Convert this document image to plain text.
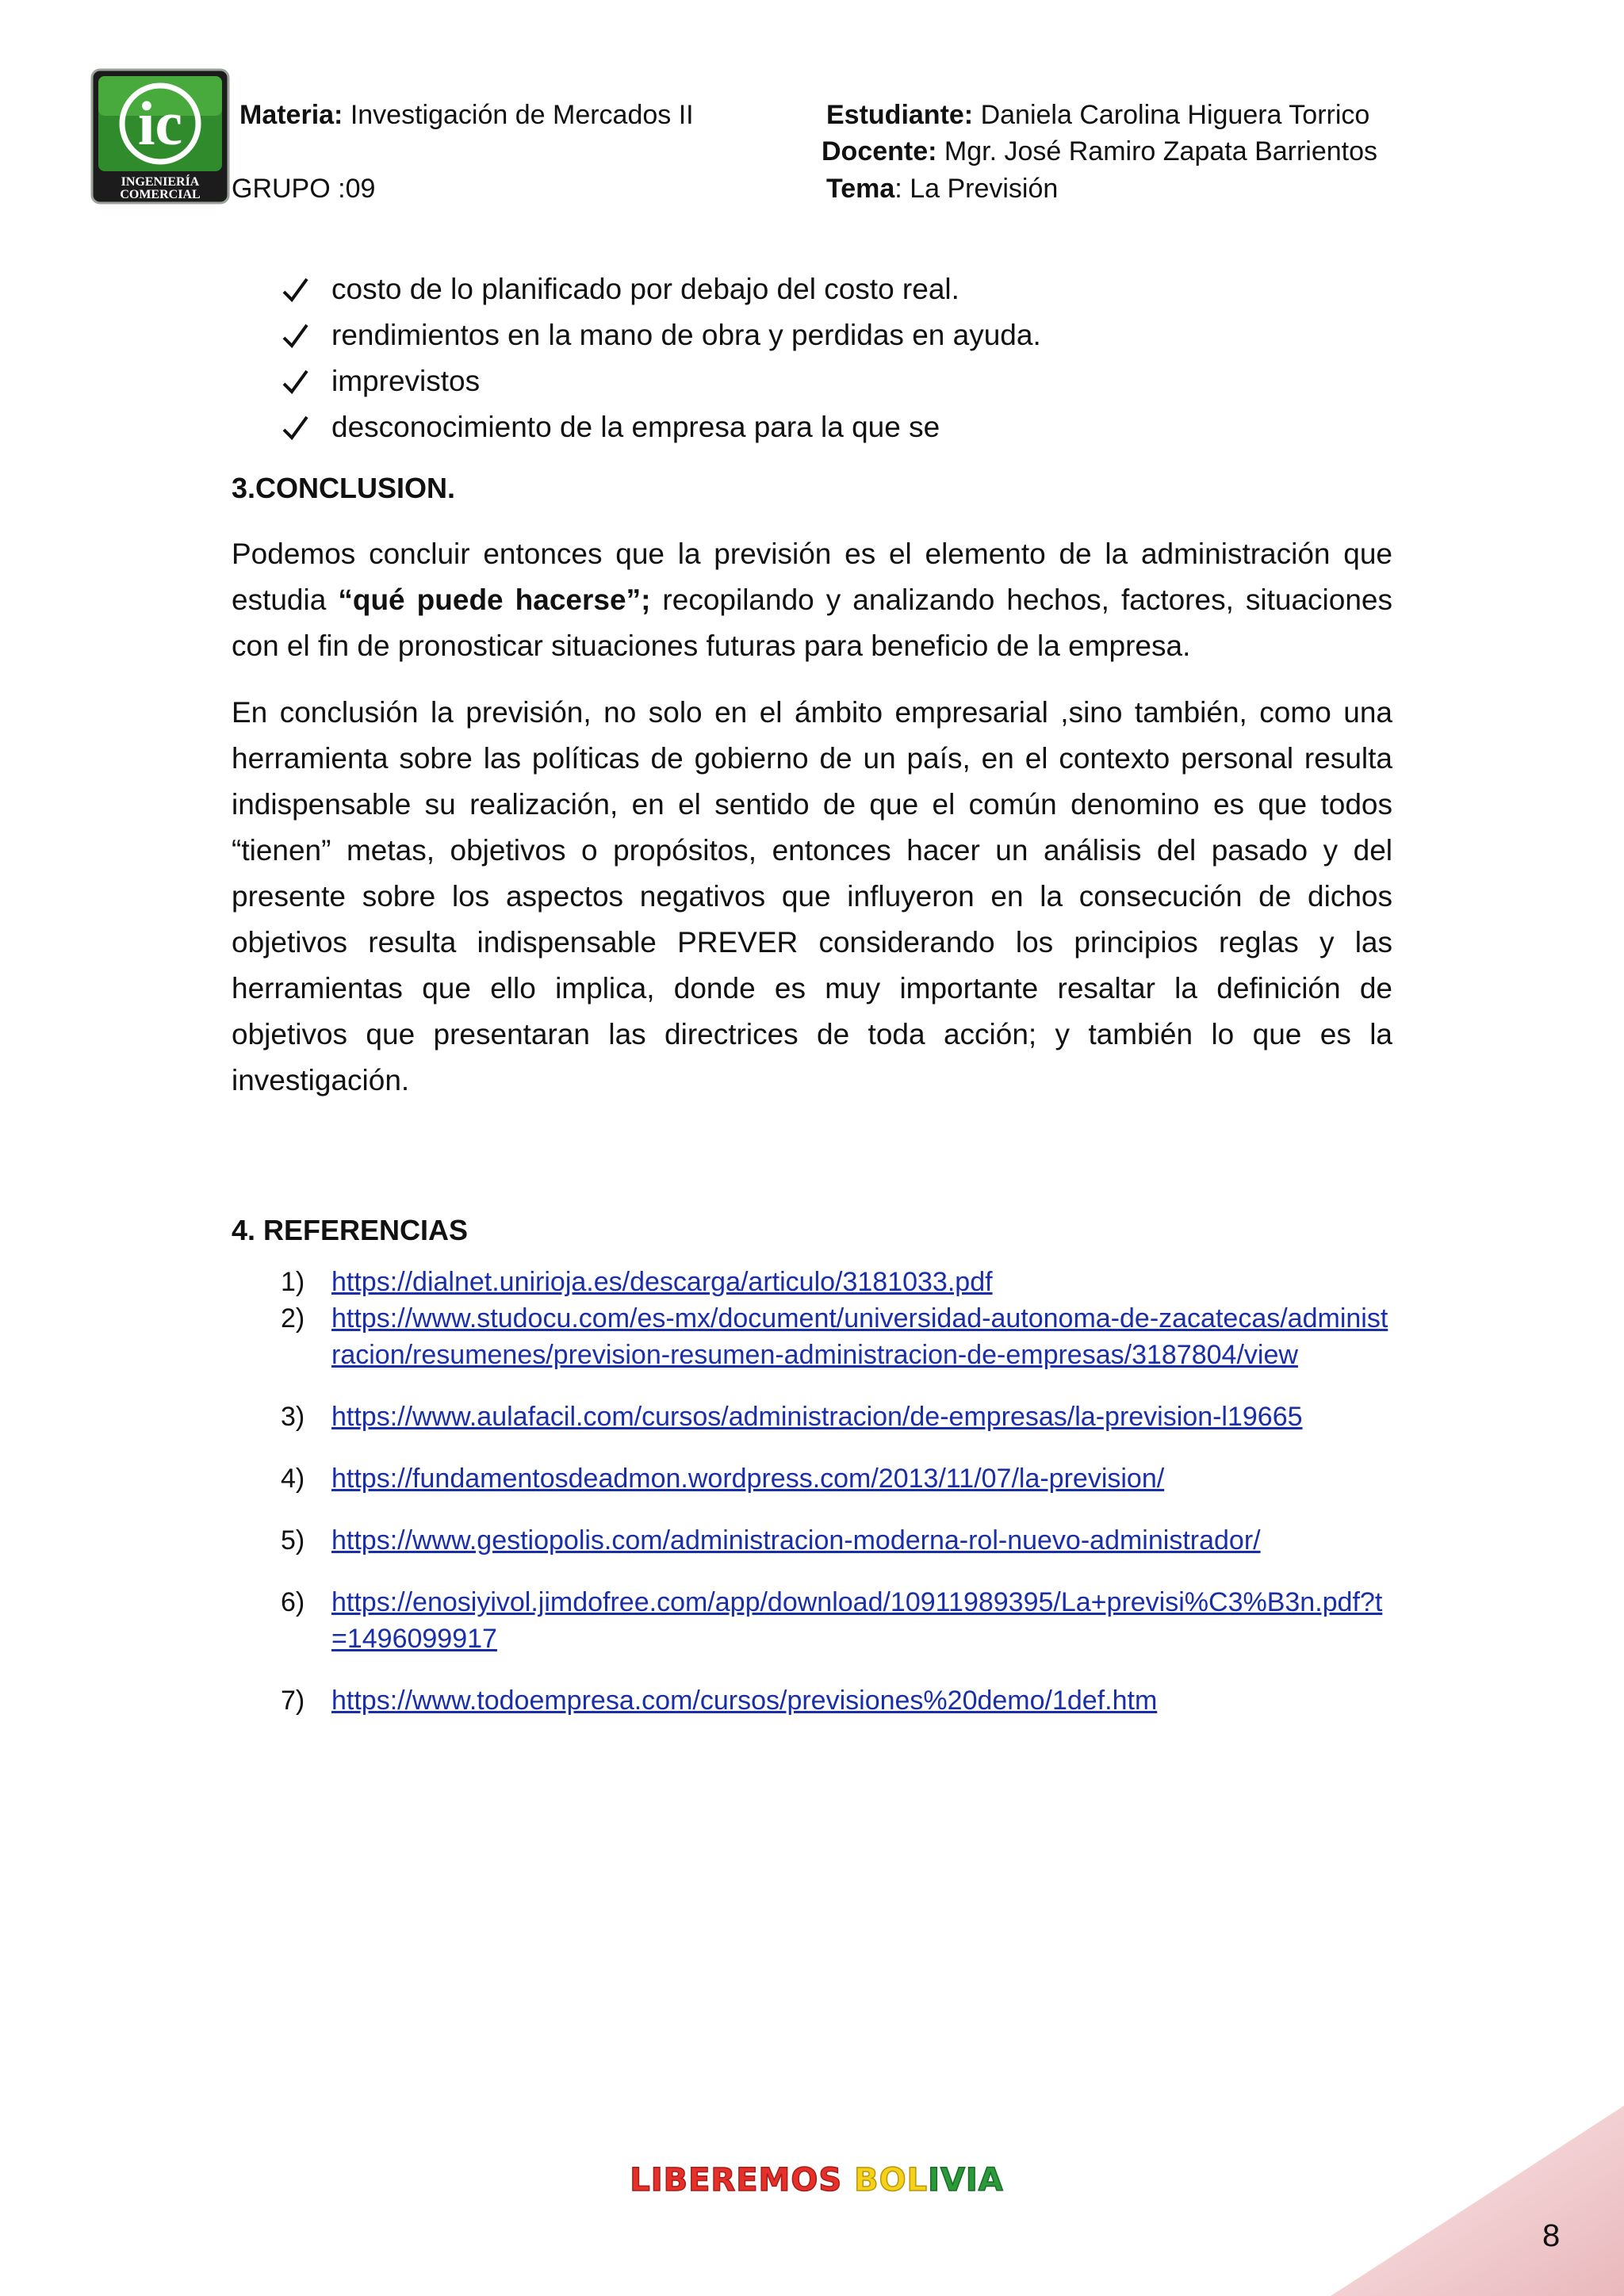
ic
INGENIERÍA
COMERCIAL
Materia: Investigación de Mercados II
GRUPO :09
Estudiante: Daniela Carolina Higuera Torrico
Docente: Mgr. José Ramiro Zapata Barrientos
Tema: La Previsión
costo de lo planificado por debajo del costo real.
rendimientos en la mano de obra y perdidas en ayuda.
imprevistos
desconocimiento de la empresa para la que se
3.CONCLUSION.

Podemos concluir entonces que la previsión es el elemento de la administración que estudia “qué puede hacerse”; recopilando y analizando hechos, factores, situaciones con el fin de pronosticar situaciones futuras para beneficio de la empresa.

En conclusión la previsión, no solo en el ámbito empresarial ,sino también, como una herramienta sobre las políticas de gobierno de un país, en el contexto personal resulta indispensable su realización, en el sentido de que el común denomino es que todos “tienen” metas, objetivos o propósitos, entonces hacer un análisis del pasado y del presente sobre los aspectos negativos que influyeron en la consecución de dichos objetivos resulta indispensable PREVER considerando los principios reglas y las herramientas que ello implica, donde es muy importante resaltar la definición de objetivos que presentaran las directrices de toda acción; y también lo que es la investigación.

4. REFERENCIAS
1) https://dialnet.unirioja.es/descarga/articulo/3181033.pdf
2) https://www.studocu.com/es-mx/document/universidad-autonoma-de-zacatecas/administracion/resumenes/prevision-resumen-administracion-de-empresas/3187804/view
3) https://www.aulafacil.com/cursos/administracion/de-empresas/la-prevision-l19665
4) https://fundamentosdeadmon.wordpress.com/2013/11/07/la-prevision/
5) https://www.gestiopolis.com/administracion-moderna-rol-nuevo-administrador/
6) https://enosiyivol.jimdofree.com/app/download/10911989395/La+previsi%C3%B3n.pdf?t=1496099917
7) https://www.todoempresa.com/cursos/previsiones%20demo/1def.htm
LIBEREMOS BOLIVIA
8
